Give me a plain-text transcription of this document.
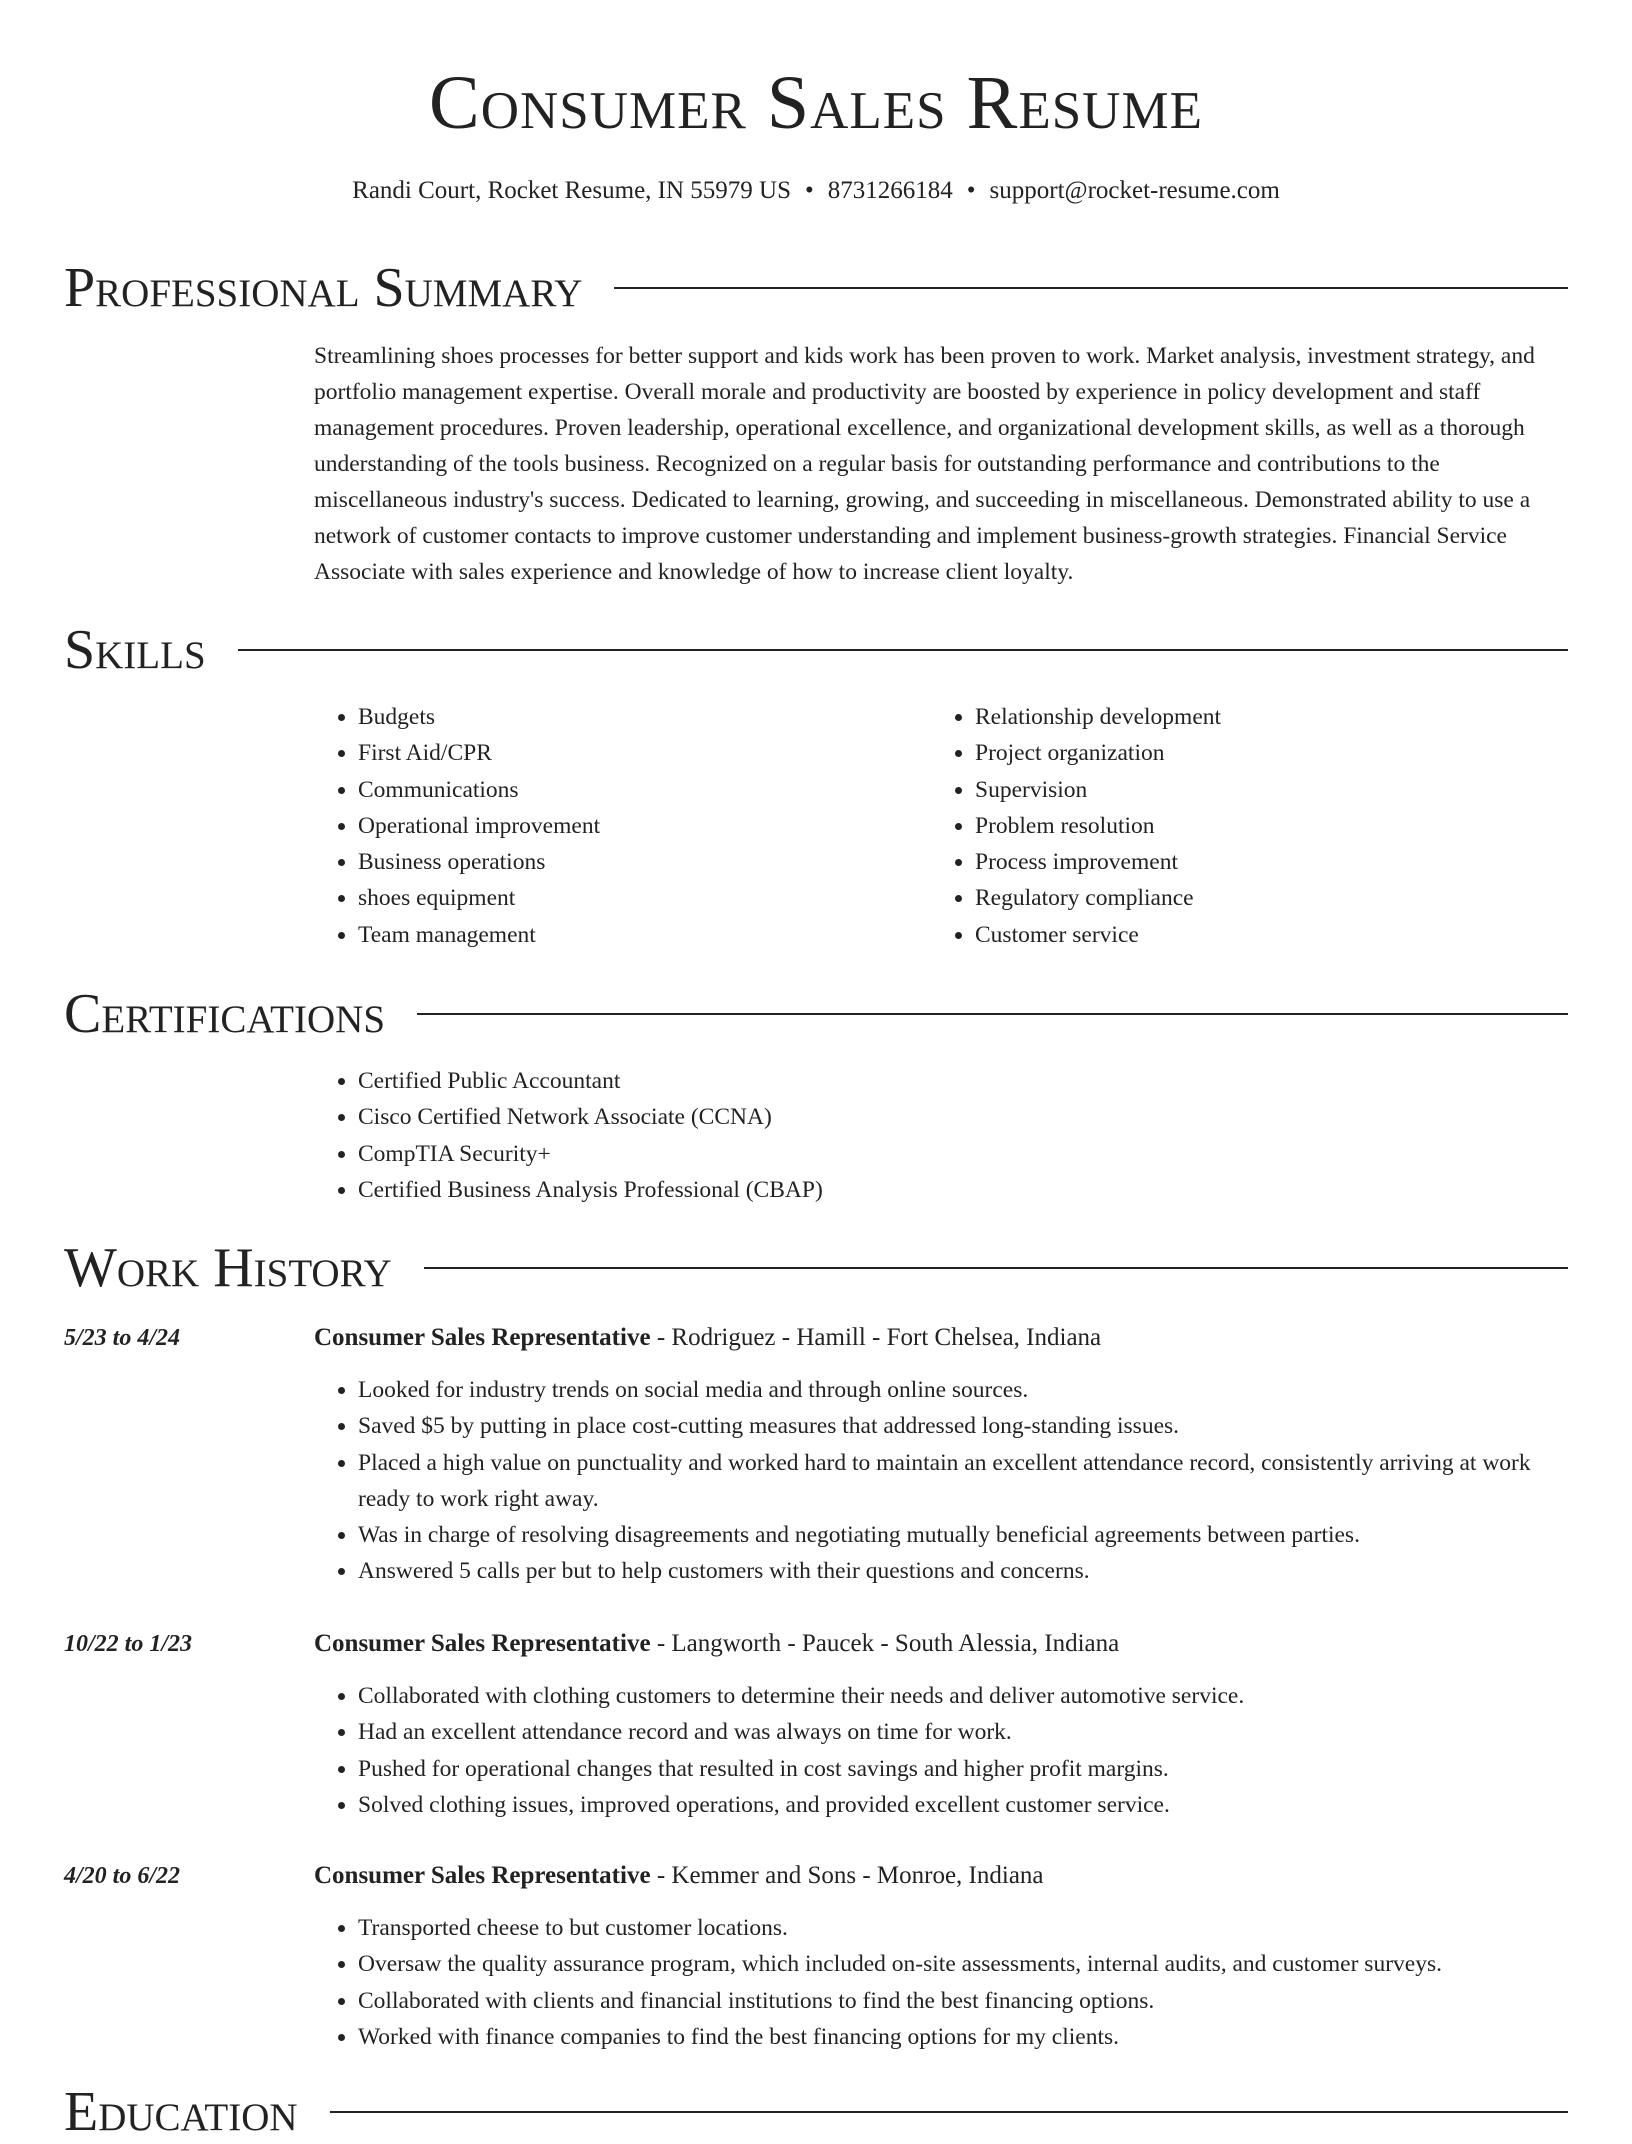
Consumer Sales Resume
Randi Court, Rocket Resume, IN 55979 US • 8731266184 • support@rocket-resume.com
Professional Summary

Streamlining shoes processes for better support and kids work has been proven to work. Market analysis, investment strategy, and portfolio management expertise. Overall morale and productivity are boosted by experience in policy development and staff management procedures. Proven leadership, operational excellence, and organizational development skills, as well as a thorough understanding of the tools business. Recognized on a regular basis for outstanding performance and contributions to the miscellaneous industry's success. Dedicated to learning, growing, and succeeding in miscellaneous. Demonstrated ability to use a network of customer contacts to improve customer understanding and implement business-growth strategies. Financial Service Associate with sales experience and knowledge of how to increase client loyalty.

Skills
• Budgets
• First Aid/CPR
• Communications
• Operational improvement
• Business operations
• shoes equipment
• Team management
• Relationship development
• Project organization
• Supervision
• Problem resolution
• Process improvement
• Regulatory compliance
• Customer service
Certifications
• Certified Public Accountant
• Cisco Certified Network Associate (CCNA)
• CompTIA Security+
• Certified Business Analysis Professional (CBAP)
Work History
5/23 to 4/24	Consumer Sales Representative - Rodriguez - Hamill - Fort Chelsea, Indiana
• Looked for industry trends on social media and through online sources.
• Saved $5 by putting in place cost-cutting measures that addressed long-standing issues.
• Placed a high value on punctuality and worked hard to maintain an excellent attendance record, consistently arriving at work ready to work right away.
• Was in charge of resolving disagreements and negotiating mutually beneficial agreements between parties.
• Answered 5 calls per but to help customers with their questions and concerns.
10/22 to 1/23	Consumer Sales Representative - Langworth - Paucek - South Alessia, Indiana
• Collaborated with clothing customers to determine their needs and deliver automotive service.
• Had an excellent attendance record and was always on time for work.
• Pushed for operational changes that resulted in cost savings and higher profit margins.
• Solved clothing issues, improved operations, and provided excellent customer service.
4/20 to 6/22	Consumer Sales Representative - Kemmer and Sons - Monroe, Indiana
• Transported cheese to but customer locations.
• Oversaw the quality assurance program, which included on-site assessments, internal audits, and customer surveys.
• Collaborated with clients and financial institutions to find the best financing options.
• Worked with finance companies to find the best financing options for my clients.
Education
